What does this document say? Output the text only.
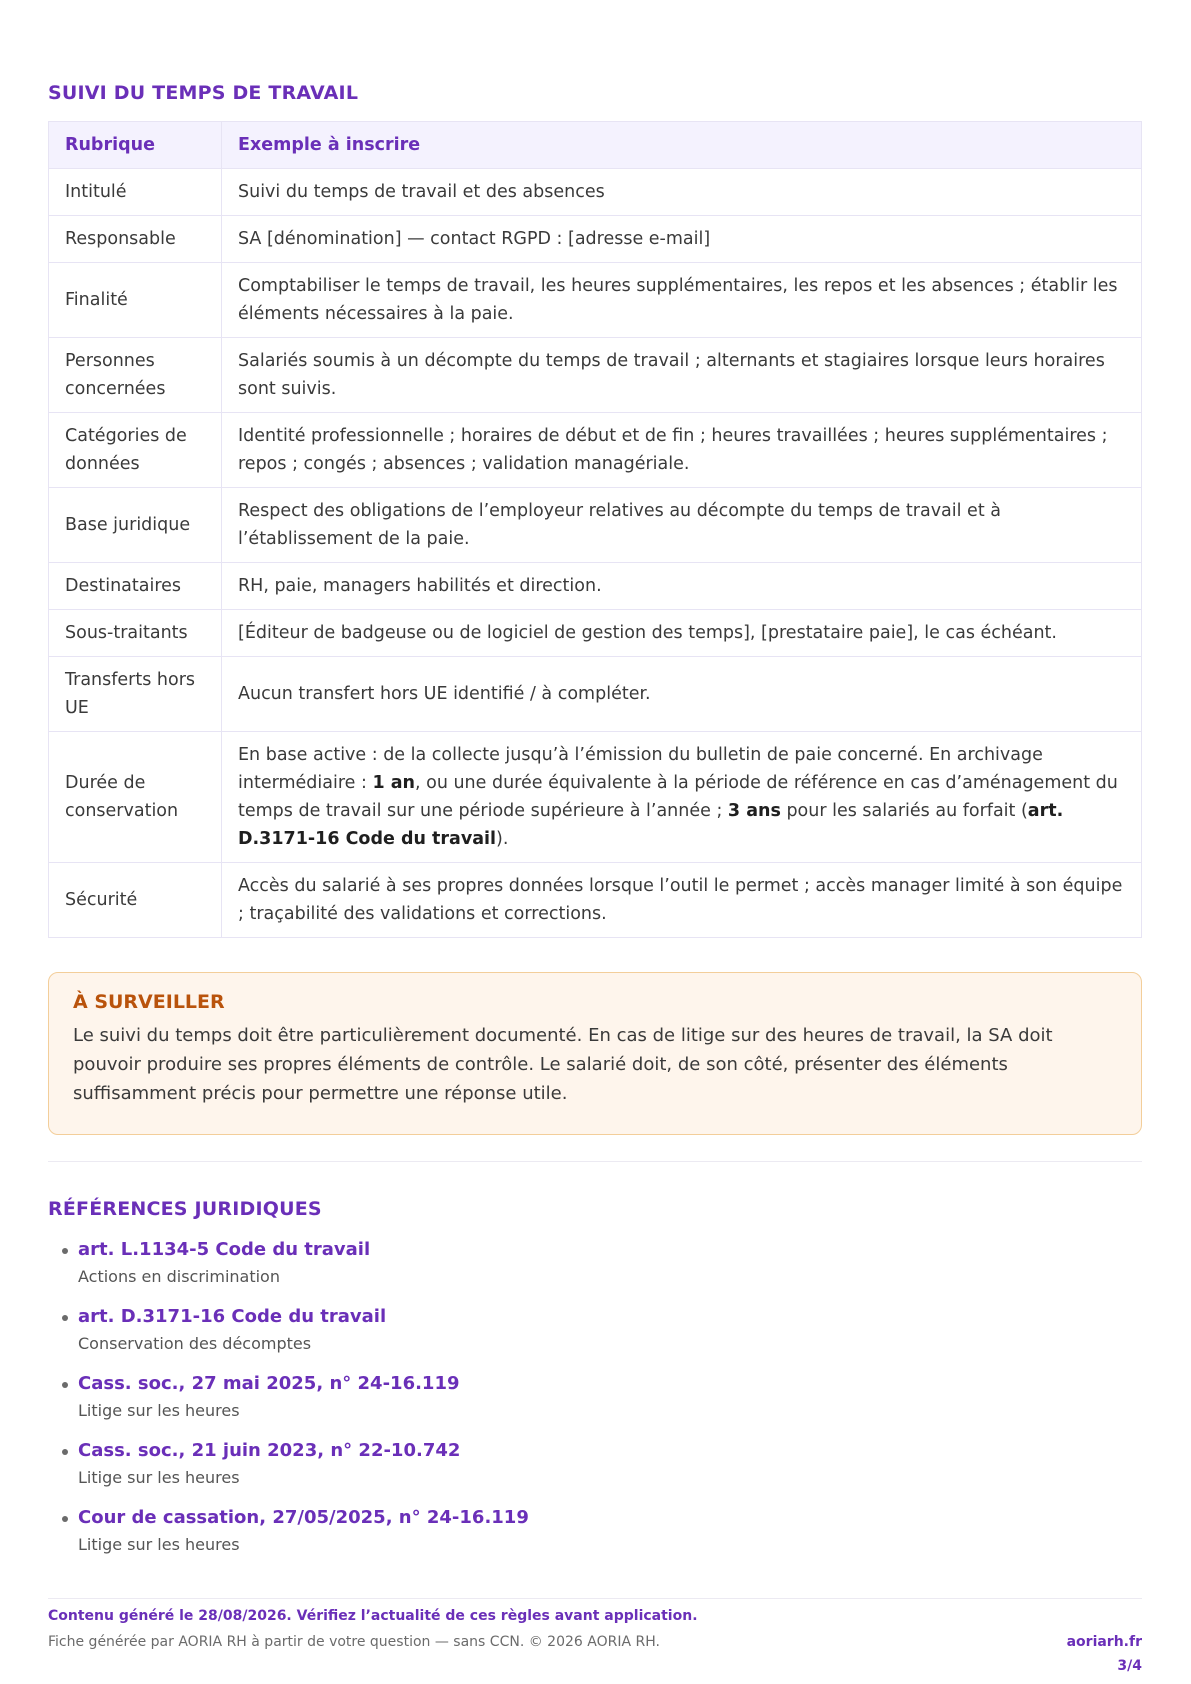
SUIVI DU TEMPS DE TRAVAIL
Rubrique	Exemple à inscrire
Intitulé	Suivi du temps de travail et des absences
Responsable	SA [dénomination] — contact RGPD : [adresse e-mail]
Finalité	Comptabiliser le temps de travail, les heures supplémentaires, les repos et les absences ; établir les éléments nécessaires à la paie.
Personnes concernées	Salariés soumis à un décompte du temps de travail ; alternants et stagiaires lorsque leurs horaires sont suivis.
Catégories de données	Identité professionnelle ; horaires de début et de fin ; heures travaillées ; heures supplémentaires ; repos ; congés ; absences ; validation managériale.
Base juridique	Respect des obligations de l’employeur relatives au décompte du temps de travail et à l’établissement de la paie.
Destinataires	RH, paie, managers habilités et direction.
Sous-traitants	[Éditeur de badgeuse ou de logiciel de gestion des temps], [prestataire paie], le cas échéant.
Transferts hors UE	Aucun transfert hors UE identifié / à compléter.
Durée de conservation	En base active : de la collecte jusqu’à l’émission du bulletin de paie concerné. En archivage intermédiaire : 1 an, ou une durée équivalente à la période de référence en cas d’aménagement du temps de travail sur une période supérieure à l’année ; 3 ans pour les salariés au forfait (art. D.3171-16 Code du travail).
Sécurité	Accès du salarié à ses propres données lorsque l’outil le permet ; accès manager limité à son équipe ; traçabilité des validations et corrections.
À SURVEILLER

Le suivi du temps doit être particulièrement documenté. En cas de litige sur des heures de travail, la SA doit pouvoir produire ses propres éléments de contrôle. Le salarié doit, de son côté, présenter des éléments suffisamment précis pour permettre une réponse utile.

RÉFÉRENCES JURIDIQUES
art. L.1134-5 Code du travail
Actions en discrimination
art. D.3171-16 Code du travail
Conservation des décomptes
Cass. soc., 27 mai 2025, n° 24-16.119
Litige sur les heures
Cass. soc., 21 juin 2023, n° 22-10.742
Litige sur les heures
Cour de cassation, 27/05/2025, n° 24-16.119
Litige sur les heures
Contenu généré le 28/08/2026. Vérifiez l’actualité de ces règles avant application.
Fiche générée par AORIA RH à partir de votre question — sans CCN. © 2026 AORIA RH.	aoriarh.fr
3/4
